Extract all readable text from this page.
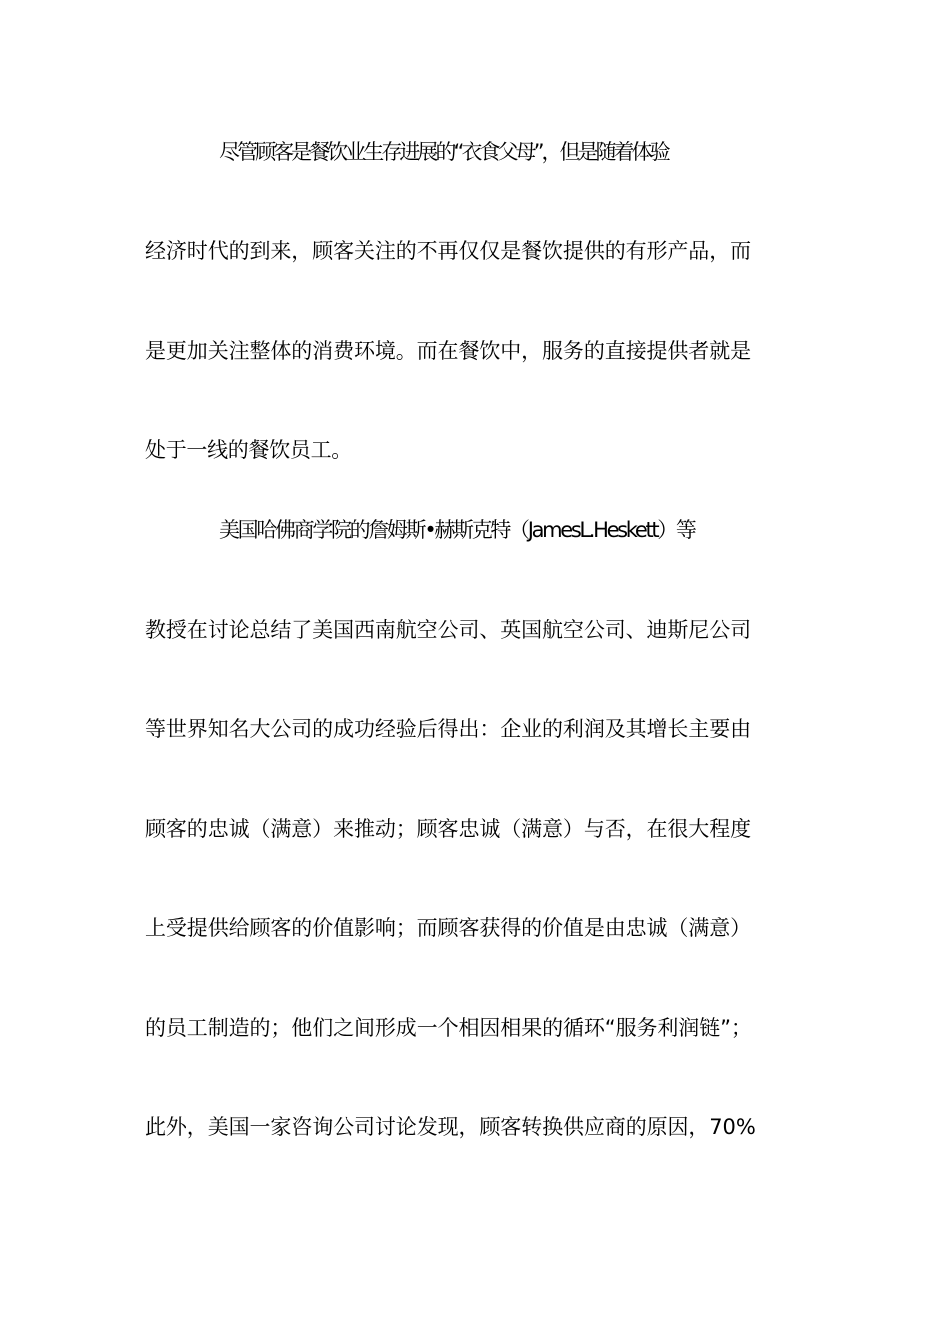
尽管顾客是餐饮业生存进展的“衣食父母”，但是随着体验
经济时代的到来，顾客关注的不再仅仅是餐饮提供的有形产品，而
是更加关注整体的消费环境。而在餐饮中，服务的直接提供者就是
处于一线的餐饮员工。
美国哈佛商学院的詹姆斯•赫斯克特（JamesL.Heskett）等
教授在讨论总结了美国西南航空公司、英国航空公司、迪斯尼公司
等世界知名大公司的成功经验后得出：企业的利润及其增长主要由
顾客的忠诚（满意）来推动；顾客忠诚（满意）与否，在很大程度
上受提供给顾客的价值影响；而顾客获得的价值是由忠诚（满意）
的员工制造的；他们之间形成一个相因相果的循环“服务利润链”；
此外，美国一家咨询公司讨论发现，顾客转换供应商的原因，70%
